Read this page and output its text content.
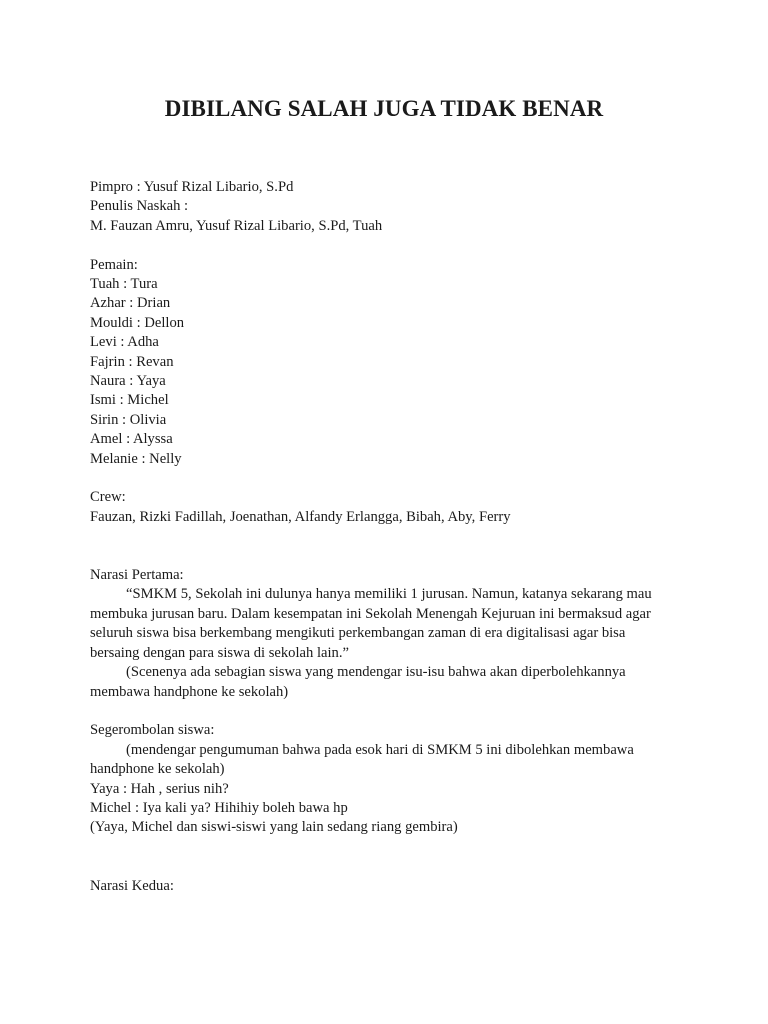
DIBILANG SALAH JUGA TIDAK BENAR
Pimpro : Yusuf Rizal Libario, S.Pd
Penulis Naskah :
M. Fauzan Amru, Yusuf Rizal Libario, S.Pd, Tuah
Pemain:
Tuah : Tura
Azhar : Drian
Mouldi : Dellon
Levi : Adha
Fajrin : Revan
Naura : Yaya
Ismi : Michel
Sirin : Olivia
Amel : Alyssa
Melanie : Nelly
Crew:
Fauzan, Rizki Fadillah, Joenathan, Alfandy Erlangga, Bibah, Aby, Ferry
Narasi Pertama:
“SMKM 5, Sekolah ini dulunya hanya memiliki 1 jurusan. Namun, katanya sekarang mau
membuka jurusan baru. Dalam kesempatan ini Sekolah Menengah Kejuruan ini bermaksud agar
seluruh siswa bisa berkembang mengikuti perkembangan zaman di era digitalisasi agar bisa
bersaing dengan para siswa di sekolah lain.”
(Scenenya ada sebagian siswa yang mendengar isu-isu bahwa akan diperbolehkannya
membawa handphone ke sekolah)
Segerombolan siswa:
(mendengar pengumuman bahwa pada esok hari di SMKM 5 ini dibolehkan membawa
handphone ke sekolah)
Yaya : Hah , serius nih?
Michel : Iya kali ya? Hihihiy boleh bawa hp
(Yaya, Michel dan siswi-siswi yang lain sedang riang gembira)
Narasi Kedua:
